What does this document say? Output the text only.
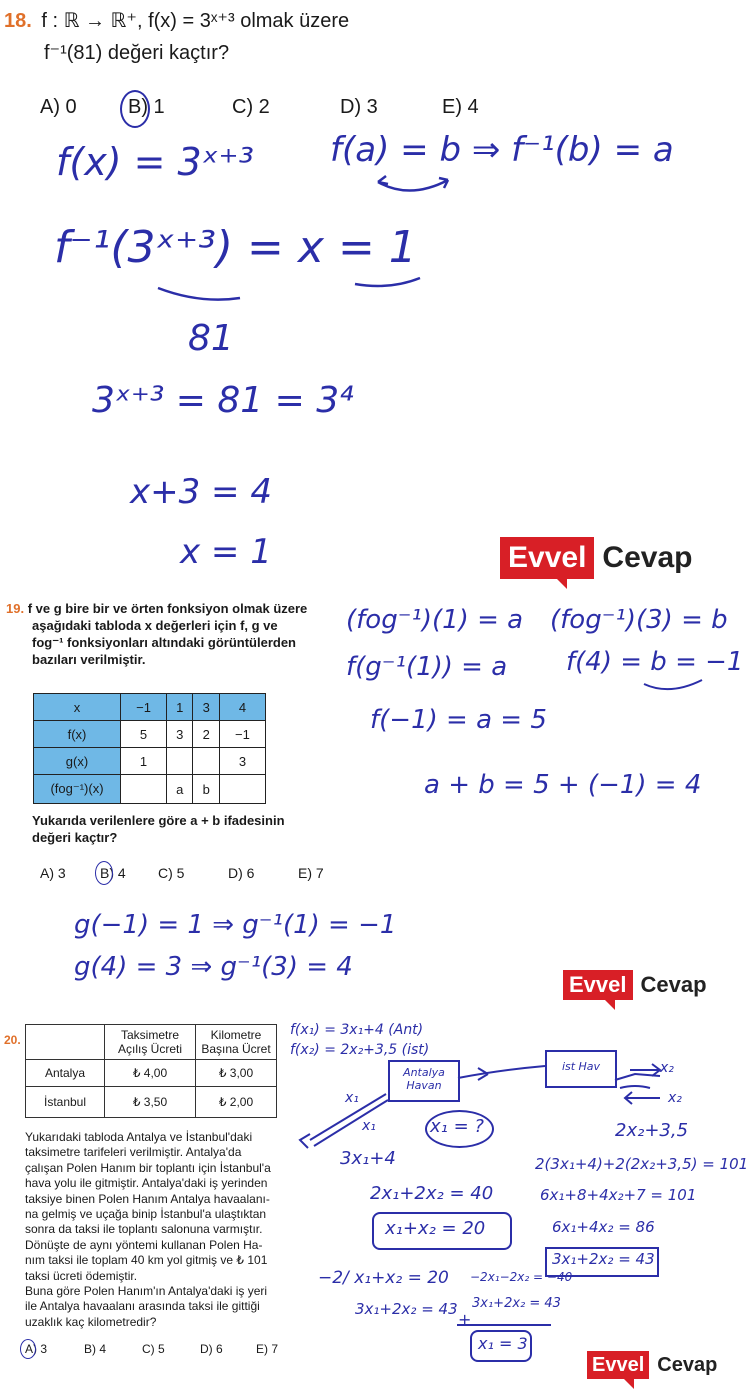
18. f : ℝ → ℝ⁺, f(x) = 3ˣ⁺³ olmak üzere
f⁻¹(81) değeri kaçtır?
A) 0	B) 1	C) 2	D) 3	E) 4
f(x) = 3ˣ⁺³ f(a) = b ⇒ f⁻¹(b) = a
f⁻¹(3ˣ⁺³) = x = 1
81
3ˣ⁺³ = 81 = 3⁴
x+3 = 4
x = 1	Evvel Cevap
19. f ve g bire bir ve örten fonksiyon olmak üzere
aşağıdaki tabloda x değerleri için f, g ve
fog⁻¹ fonksiyonları altındaki görüntülerden
bazıları verilmiştir.
x	−1	1	3	4
f(x)	5	3	2	−1
g(x)	1			3
(fog⁻¹)(x)		a	b	
Yukarıda verilenlere göre a + b ifadesinin
değeri kaçtır?
A) 3 B) 4 C) 5	D) 6	E) 7
(fog⁻¹)(1) = a (fog⁻¹)(3) = b
f(g⁻¹(1)) = a f(4) = b = −1
f(−1) = a = 5
a + b = 5 + (−1) = 4
g(−1) = 1 ⇒ g⁻¹(1) = −1
g(4) = 3 ⇒ g⁻¹(3) = 4
Evvel Cevap
20.
		Taksimetre Açılış Ücreti	Kilometre Başına Ücret
Antalya	₺ 4,00	₺ 3,00
İstanbul	₺ 3,50	₺ 2,00
Yukarıdaki tabloda Antalya ve İstanbul'daki
taksimetre tarifeleri verilmiştir. Antalya'da
çalışan Polen Hanım bir toplantı için İstanbul'a
hava yolu ile gitmiştir. Antalya'daki iş yerinden
taksiye binen Polen Hanım Antalya havaalanı-
na gelmiş ve uçağa binip İstanbul'a ulaştıktan
sonra da taksi ile toplantı salonuna varmıştır.
Dönüşte de aynı yöntemi kullanan Polen Ha-
nım taksi ile toplam 40 km yol gitmiş ve ₺ 101
taksi ücreti ödemiştir.
Buna göre Polen Hanım'ın Antalya'daki iş yeri
ile Antalya havaalanı arasında taksi ile gittiği
uzaklık kaç kilometredir?
A) 3	B) 4	C) 5	D) 6	E) 7
f(x₁) = 3x₁+4 (Ant)
f(x₂) = 2x₂+3,5 (ist)
Antalya Havan
ist Hav
x₁
x₁
x₂
x₂
x₁ = ?
3x₁+4
2x₂+3,5
2(3x₁+4)+2(2x₂+3,5) = 101
6x₁+8+4x₂+7 = 101
6x₁+4x₂ = 86
3x₁+2x₂ = 43
2x₁+2x₂ = 40
x₁+x₂ = 20
−2/ x₁+x₂ = 20
3x₁+2x₂ = 43
−2x₁−2x₂ = −40
3x₁+2x₂ = 43
+
x₁ = 3
Evvel Cevap
